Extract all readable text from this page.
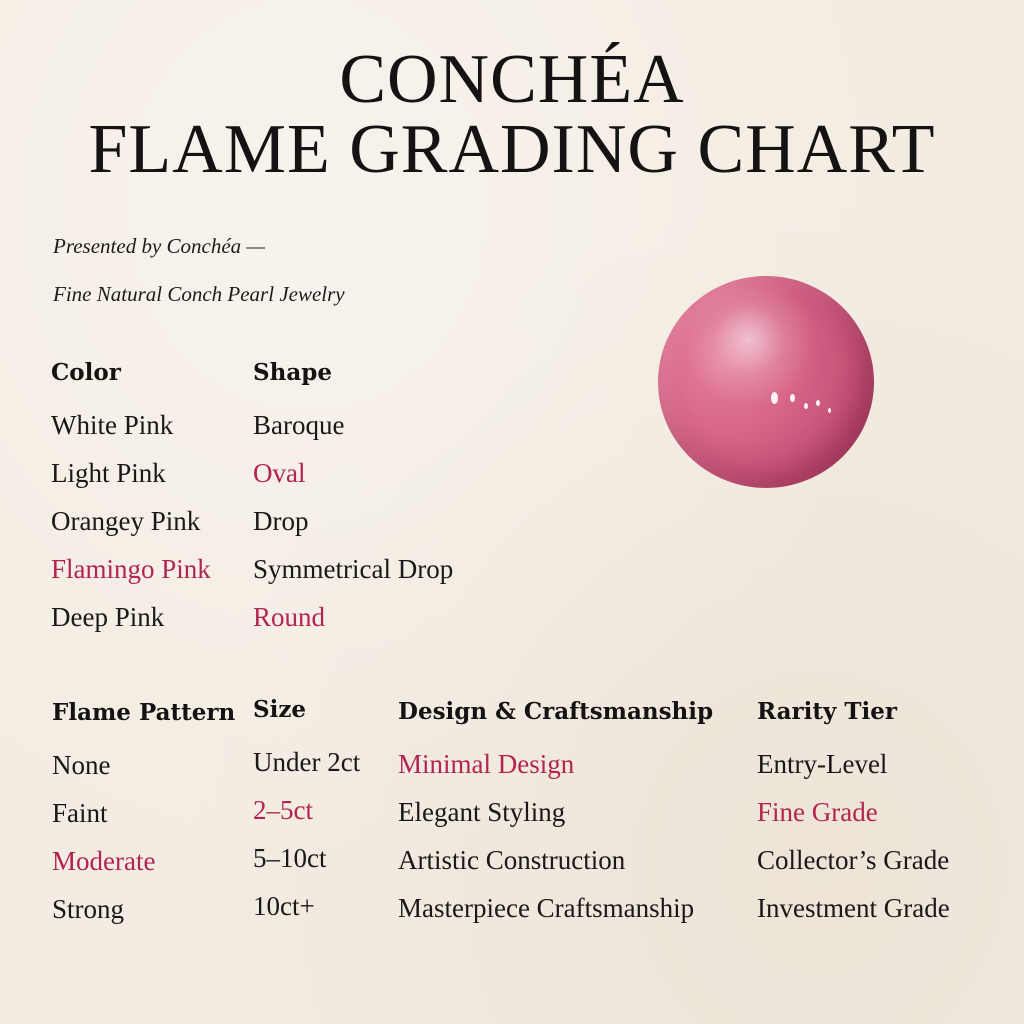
CONCHÉA
FLAME GRADING CHART
Presented by Conchéa —
Fine Natural Conch Pearl Jewelry
Color
White Pink
Light Pink
Orangey Pink
Flamingo Pink
Deep Pink
Shape
Baroque
Oval
Drop
Symmetrical Drop
Round
Flame Pattern
None
Faint
Moderate
Strong
Size
Under 2ct
2–5ct
5–10ct
10ct+
Design & Craftsmanship
Minimal Design
Elegant Styling
Artistic Construction
Masterpiece Craftsmanship
Rarity Tier
Entry-Level
Fine Grade
Collector’s Grade
Investment Grade
